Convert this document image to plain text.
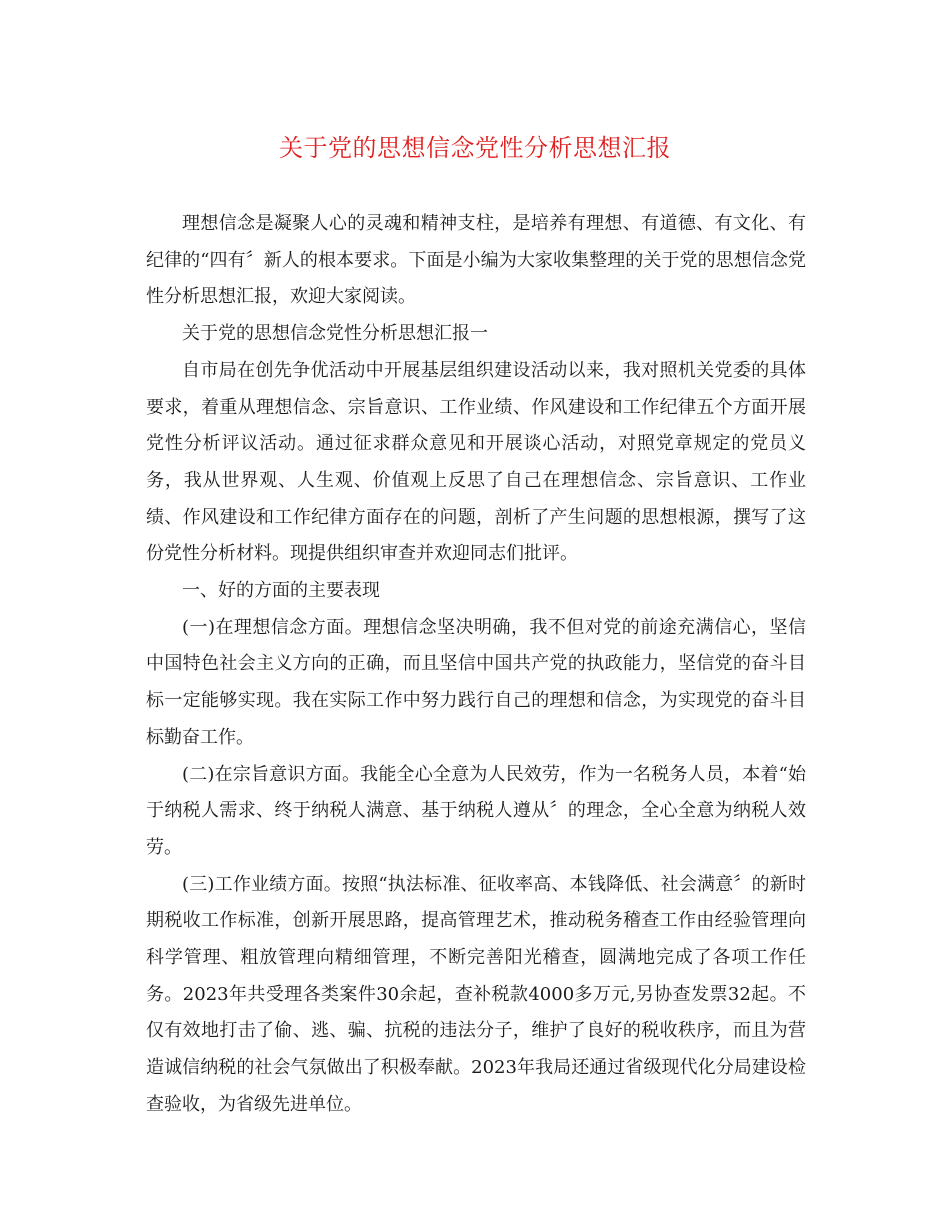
关于党的思想信念党性分析思想汇报

理想信念是凝聚人心的灵魂和精神支柱，是培养有理想、有道德、有文化、有纪律的“四有〞新人的根本要求。下面是小编为大家收集整理的关于党的思想信念党性分析思想汇报，欢迎大家阅读。

关于党的思想信念党性分析思想汇报一

自市局在创先争优活动中开展基层组织建设活动以来，我对照机关党委的具体要求，着重从理想信念、宗旨意识、工作业绩、作风建设和工作纪律五个方面开展党性分析评议活动。通过征求群众意见和开展谈心活动，对照党章规定的党员义务，我从世界观、人生观、价值观上反思了自己在理想信念、宗旨意识、工作业绩、作风建设和工作纪律方面存在的问题，剖析了产生问题的思想根源，撰写了这份党性分析材料。现提供组织审查并欢迎同志们批评。

一、好的方面的主要表现

(一)在理想信念方面。理想信念坚决明确，我不但对党的前途充满信心，坚信中国特色社会主义方向的正确，而且坚信中国共产党的执政能力，坚信党的奋斗目标一定能够实现。我在实际工作中努力践行自己的理想和信念，为实现党的奋斗目标勤奋工作。

(二)在宗旨意识方面。我能全心全意为人民效劳，作为一名税务人员，本着“始于纳税人需求、终于纳税人满意、基于纳税人遵从〞的理念，全心全意为纳税人效劳。

(三)工作业绩方面。按照“执法标准、征收率高、本钱降低、社会满意〞的新时期税收工作标准，创新开展思路，提高管理艺术，推动税务稽查工作由经验管理向科学管理、粗放管理向精细管理，不断完善阳光稽查，圆满地完成了各项工作任务。2023年共受理各类案件30余起，查补税款4000多万元,另协查发票32起。不仅有效地打击了偷、逃、骗、抗税的违法分子，维护了良好的税收秩序，而且为营造诚信纳税的社会气氛做出了积极奉献。2023年我局还通过省级现代化分局建设检查验收，为省级先进单位。
